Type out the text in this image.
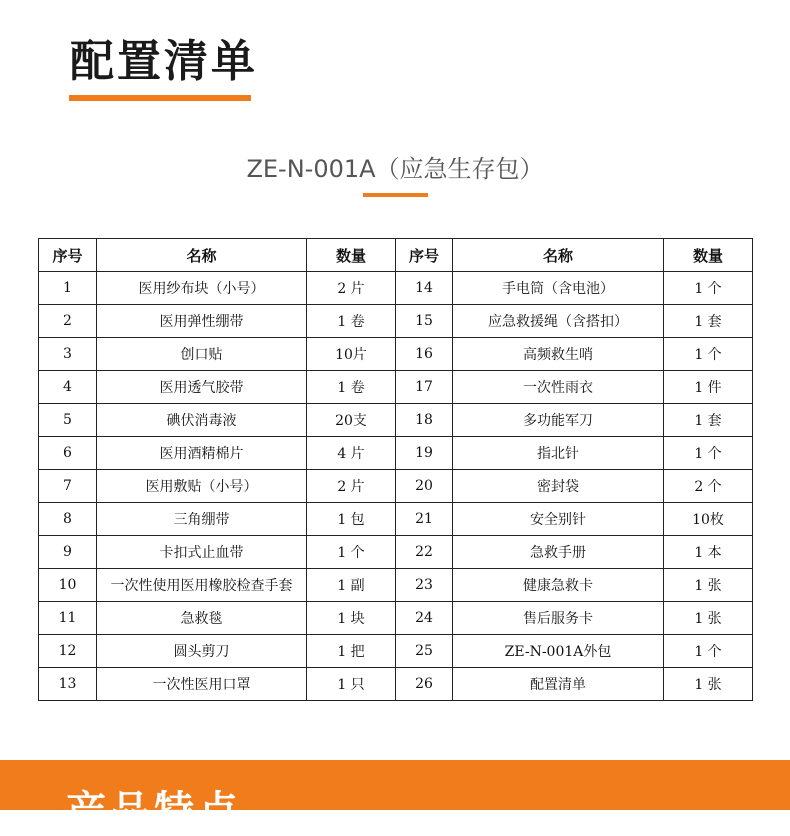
配置清单
ZE-N-001A（应急生存包）
序号	名称	数量	序号	名称	数量
1	医用纱布块（小号）	2 片	14	手电筒（含电池）	1 个
2	医用弹性绷带	1 卷	15	应急救援绳（含搭扣）	1 套
3	创口贴	10片	16	高频救生哨	1 个
4	医用透气胶带	1 卷	17	一次性雨衣	1 件
5	碘伏消毒液	20支	18	多功能军刀	1 套
6	医用酒精棉片	4 片	19	指北针	1 个
7	医用敷贴（小号）	2 片	20	密封袋	2 个
8	三角绷带	1 包	21	安全别针	10枚
9	卡扣式止血带	1 个	22	急救手册	1 本
10	一次性使用医用橡胶检查手套	1 副	23	健康急救卡	1 张
11	急救毯	1 块	24	售后服务卡	1 张
12	圆头剪刀	1 把	25	ZE-N-001A外包	1 个
13	一次性医用口罩	1 只	26	配置清单	1 张
产品特点
